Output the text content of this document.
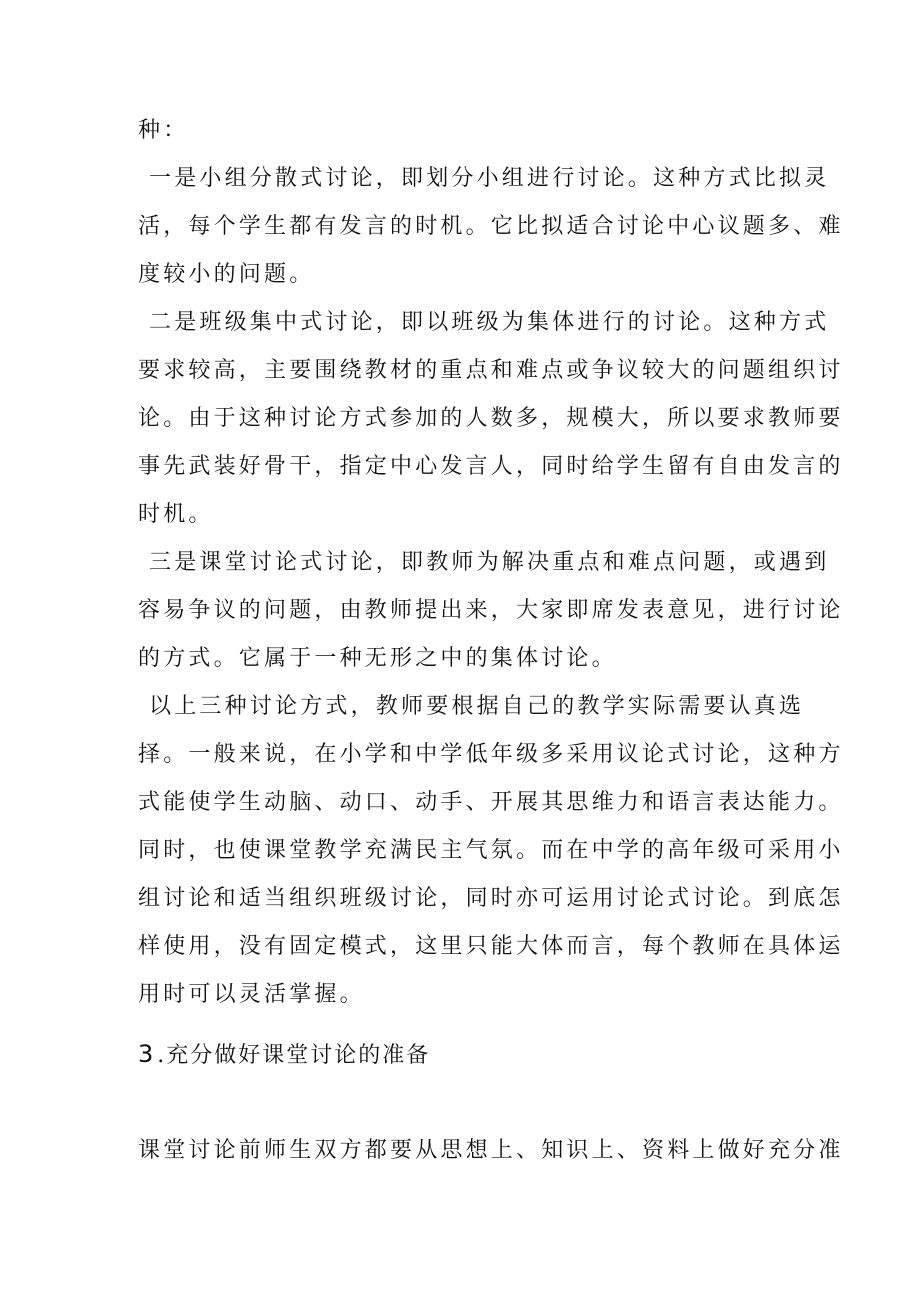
种：
一是小组分散式讨论，即划分小组进行讨论。这种方式比拟灵
活，每个学生都有发言的时机。它比拟适合讨论中心议题多、难
度较小的问题。
二是班级集中式讨论，即以班级为集体进行的讨论。这种方式
要求较高，主要围绕教材的重点和难点或争议较大的问题组织讨
论。由于这种讨论方式参加的人数多，规模大，所以要求教师要
事先武装好骨干，指定中心发言人，同时给学生留有自由发言的
时机。
三是课堂讨论式讨论，即教师为解决重点和难点问题，或遇到
容易争议的问题，由教师提出来，大家即席发表意见，进行讨论
的方式。它属于一种无形之中的集体讨论。
以上三种讨论方式，教师要根据自己的教学实际需要认真选
择。一般来说，在小学和中学低年级多采用议论式讨论，这种方
式能使学生动脑、动口、动手、开展其思维力和语言表达能力。
同时，也使课堂教学充满民主气氛。而在中学的高年级可采用小
组讨论和适当组织班级讨论，同时亦可运用讨论式讨论。到底怎
样使用，没有固定模式，这里只能大体而言，每个教师在具体运
用时可以灵活掌握。
3.充分做好课堂讨论的准备
课堂讨论前师生双方都要从思想上、知识上、资料上做好充分准
